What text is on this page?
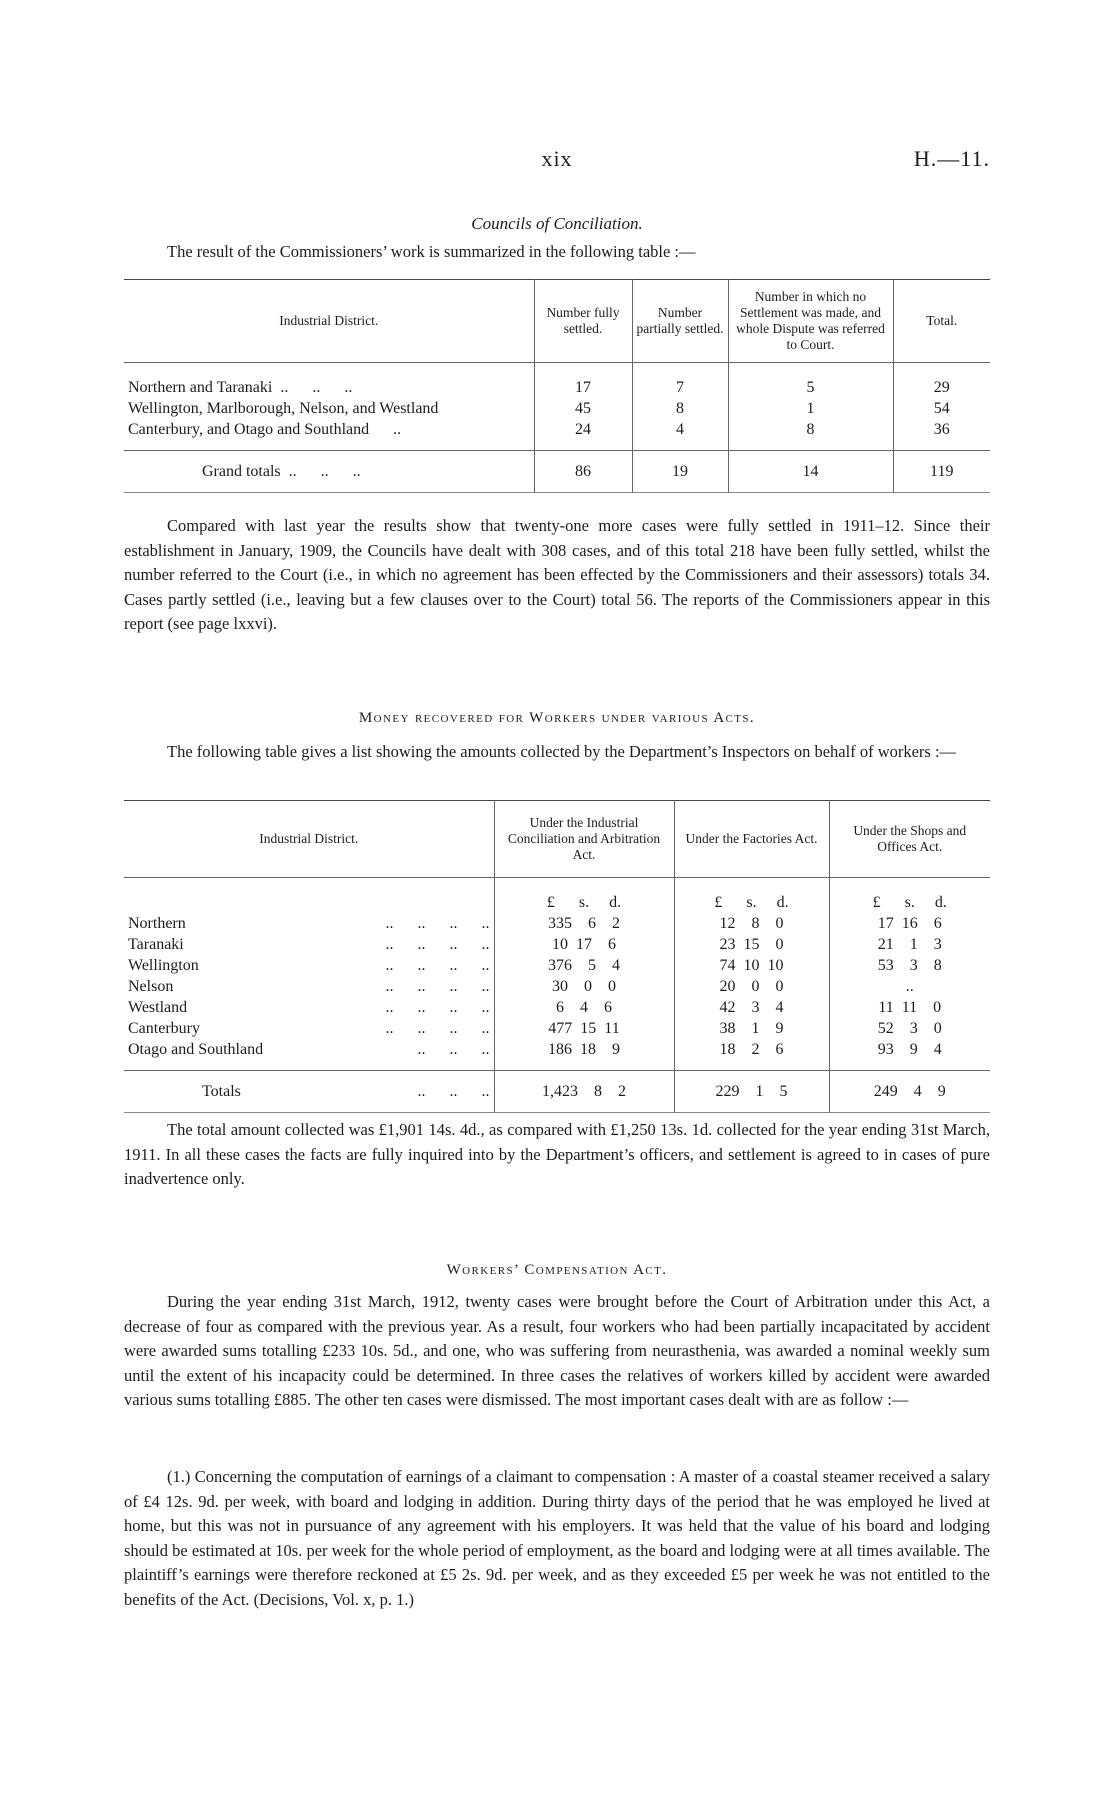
xix	H.—11.
Councils of Conciliation.

The result of the Commissioners’ work is summarized in the following table :—

Industrial District.	Number fully settled.	Number partially settled.	Number in which no Settlement was made, and whole Dispute was referred to Court.	Total.
Northern and Taranaki  ..      ..      ..	17	7	5	29
Wellington, Marlborough, Nelson, and Westland	45	8	1	54
Canterbury, and Otago and Southland      ..	24	4	8	36
Grand totals  ..      ..      ..	86	19	14	119

Compared with last year the results show that twenty-one more cases were fully settled in 1911–12. Since their establishment in January, 1909, the Councils have dealt with 308 cases, and of this total 218 have been fully settled, whilst the number referred to the Court (i.e., in which no agreement has been effected by the Commissioners and their assessors) totals 34. Cases partly settled (i.e., leaving but a few clauses over to the Court) total 56. The reports of the Commissioners appear in this report (see page lxxvi).

Money recovered for Workers under various Acts.

The following table gives a list showing the amounts collected by the Department’s Inspectors on behalf of workers :—

Industrial District.	Under the Industrial Conciliation and Arbitration Act.	Under the Factories Act.	Under the Shops and Offices Act.
	£      s.     d.	£      s.     d.	£      s.     d.
Northern ..      ..      ..      ..	335    6    2	12    8    0	17  16    6
Taranaki ..      ..      ..      ..	10  17    6	23  15    0	21    1    3
Wellington ..      ..      ..      ..	376    5    4	74  10  10	53    3    8
Nelson ..      ..      ..      ..	30    0    0	20    0    0	..
Westland ..      ..      ..      ..	6    4    6	42    3    4	11  11    0
Canterbury ..      ..      ..      ..	477  15  11	38    1    9	52    3    0
Otago and Southland ..      ..      ..	186  18    9	18    2    6	93    9    4
Totals ..      ..      ..	1,423    8    2	229    1    5	249    4    9

The total amount collected was £1,901 14s. 4d., as compared with £1,250 13s. 1d. collected for the year ending 31st March, 1911. In all these cases the facts are fully inquired into by the Department’s officers, and settlement is agreed to in cases of pure inadvertence only.

Workers’ Compensation Act.

During the year ending 31st March, 1912, twenty cases were brought before the Court of Arbitration under this Act, a decrease of four as compared with the previous year. As a result, four workers who had been partially incapacitated by accident were awarded sums totalling £233 10s. 5d., and one, who was suffering from neurasthenia, was awarded a nominal weekly sum until the extent of his incapacity could be determined. In three cases the relatives of workers killed by accident were awarded various sums totalling £885. The other ten cases were dismissed. The most important cases dealt with are as follow :—

(1.) Concerning the computation of earnings of a claimant to compensation : A master of a coastal steamer received a salary of £4 12s. 9d. per week, with board and lodging in addition. During thirty days of the period that he was employed he lived at home, but this was not in pursuance of any agreement with his employers. It was held that the value of his board and lodging should be estimated at 10s. per week for the whole period of employment, as the board and lodging were at all times available. The plaintiff’s earnings were therefore reckoned at £5 2s. 9d. per week, and as they exceeded £5 per week he was not entitled to the benefits of the Act. (Decisions, Vol. x, p. 1.)
